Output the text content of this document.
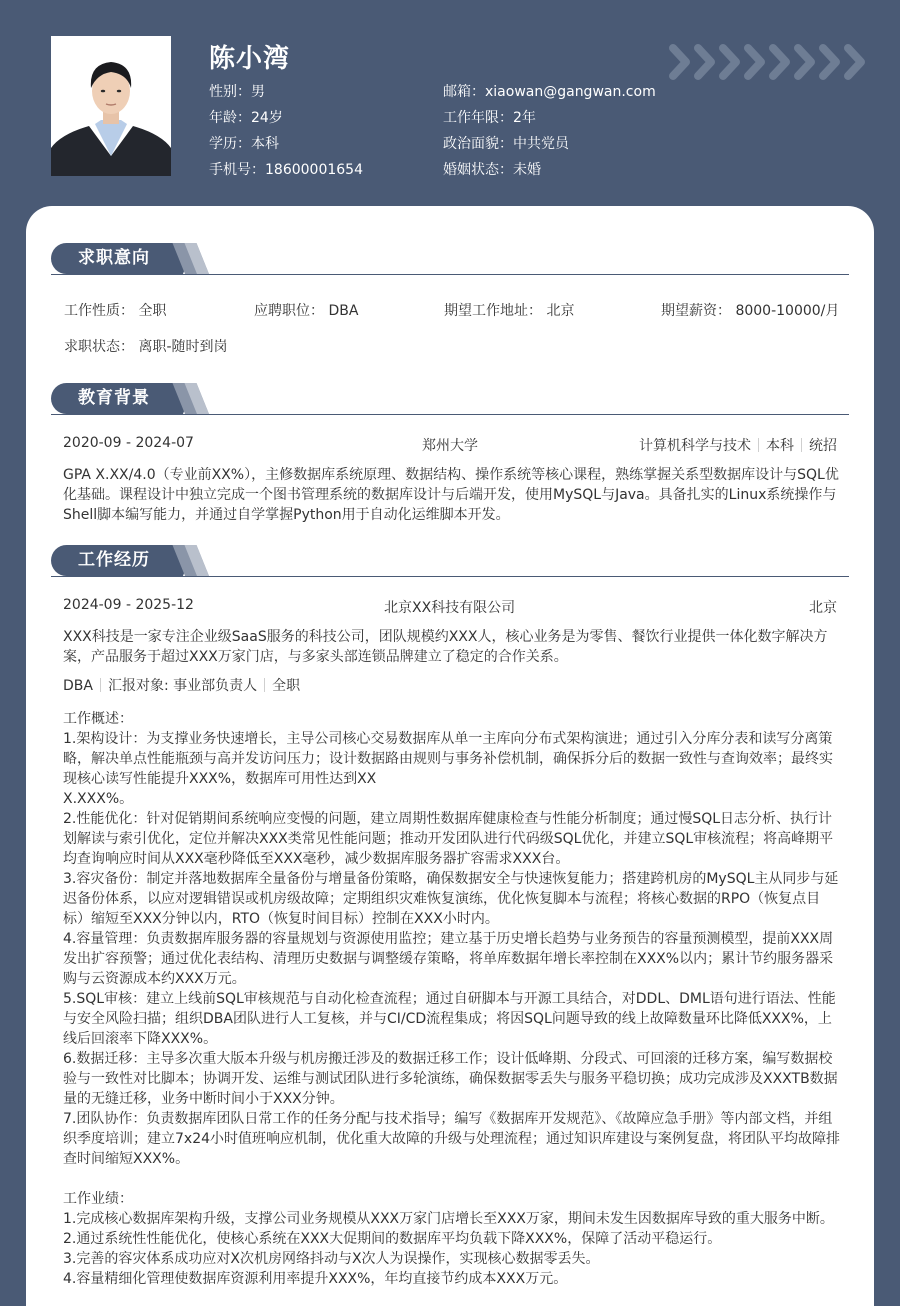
陈小湾
性别：男
年龄：24岁
学历：本科
手机号：18600001654
邮箱：xiaowan@gangwan.com
工作年限：2年
政治面貌：中共党员
婚姻状态：未婚
求职意向
工作性质： 全职	应聘职位： DBA	期望工作地址： 北京	期望薪资： 8000-10000/月
求职状态： 离职-随时到岗
教育背景
2020-09 - 2024-07	郑州大学	计算机科学与技术 本科 统招
GPA X.XX/4.0（专业前XX%），主修数据库系统原理、数据结构、操作系统等核心课程，熟练掌握关系型数据库设计与SQL优化基础。课程设计中独立完成一个图书管理系统的数据库设计与后端开发，使用MySQL与Java。具备扎实的Linux系统操作与Shell脚本编写能力，并通过自学掌握Python用于自动化运维脚本开发。
工作经历
2024-09 - 2025-12	北京XX科技有限公司	北京
XXX科技是一家专注企业级SaaS服务的科技公司，团队规模约XXX人，核心业务是为零售、餐饮行业提供一体化数字解决方案，产品服务于超过XXX万家门店，与多家头部连锁品牌建立了稳定的合作关系。
DBA 汇报对象: 事业部负责人 全职
工作概述：
1.架构设计：为支撑业务快速增长，主导公司核心交易数据库从单一主库向分布式架构演进；通过引入分库分表和读写分离策略，解决单点性能瓶颈与高并发访问压力；设计数据路由规则与事务补偿机制，确保拆分后的数据一致性与查询效率；最终实现核心读写性能提升XXX%，数据库可用性达到XX
X.XXX%。
2.性能优化：针对促销期间系统响应变慢的问题，建立周期性数据库健康检查与性能分析制度；通过慢SQL日志分析、执行计划解读与索引优化，定位并解决XXX类常见性能问题；推动开发团队进行代码级SQL优化，并建立SQL审核流程；将高峰期平均查询响应时间从XXX毫秒降低至XXX毫秒，减少数据库服务器扩容需求XXX台。
3.容灾备份：制定并落地数据库全量备份与增量备份策略，确保数据安全与快速恢复能力；搭建跨机房的MySQL主从同步与延迟备份体系，以应对逻辑错误或机房级故障；定期组织灾难恢复演练，优化恢复脚本与流程；将核心数据的RPO（恢复点目标）缩短至XXX分钟以内，RTO（恢复时间目标）控制在XXX小时内。
4.容量管理：负责数据库服务器的容量规划与资源使用监控；建立基于历史增长趋势与业务预告的容量预测模型，提前XXX周发出扩容预警；通过优化表结构、清理历史数据与调整缓存策略，将单库数据年增长率控制在XXX%以内；累计节约服务器采购与云资源成本约XXX万元。
5.SQL审核：建立上线前SQL审核规范与自动化检查流程；通过自研脚本与开源工具结合，对DDL、DML语句进行语法、性能与安全风险扫描；组织DBA团队进行人工复核，并与CI/CD流程集成；将因SQL问题导致的线上故障数量环比降低XXX%，上线后回滚率下降XXX%。
6.数据迁移：主导多次重大版本升级与机房搬迁涉及的数据迁移工作；设计低峰期、分段式、可回滚的迁移方案，编写数据校验与一致性对比脚本；协调开发、运维与测试团队进行多轮演练，确保数据零丢失与服务平稳切换；成功完成涉及XXXTB数据量的无缝迁移，业务中断时间小于XXX分钟。
7.团队协作：负责数据库团队日常工作的任务分配与技术指导；编写《数据库开发规范》、《故障应急手册》等内部文档，并组织季度培训；建立7x24小时值班响应机制，优化重大故障的升级与处理流程；通过知识库建设与案例复盘，将团队平均故障排查时间缩短XXX%。
工作业绩：
1.完成核心数据库架构升级，支撑公司业务规模从XXX万家门店增长至XXX万家，期间未发生因数据库导致的重大服务中断。
2.通过系统性性能优化，使核心系统在XXX大促期间的数据库平均负载下降XXX%，保障了活动平稳运行。
3.完善的容灾体系成功应对X次机房网络抖动与X次人为误操作，实现核心数据零丢失。
4.容量精细化管理使数据库资源利用率提升XXX%，年均直接节约成本XXX万元。
